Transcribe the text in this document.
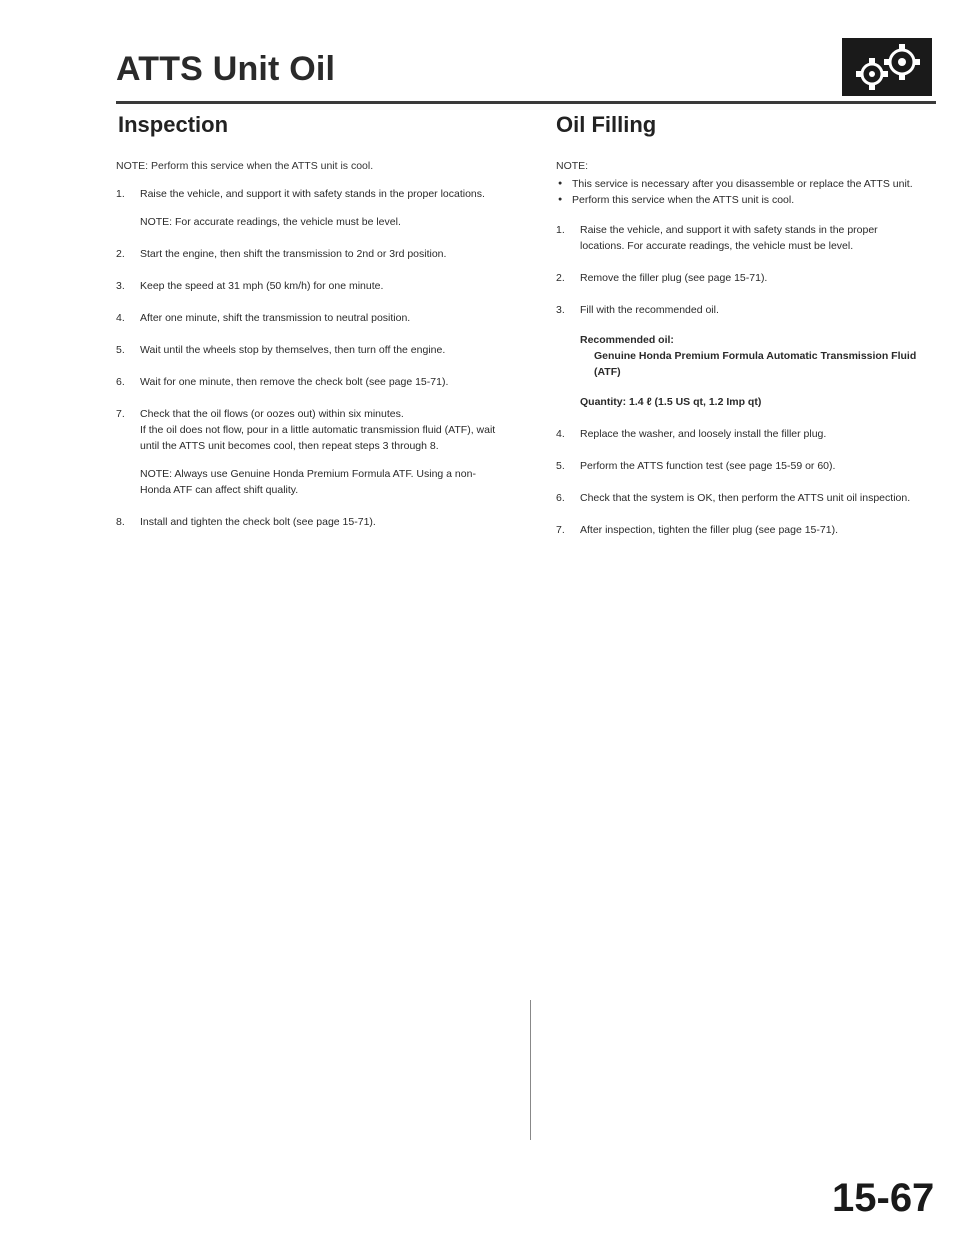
ATTS Unit Oil
Inspection

NOTE: Perform this service when the ATTS unit is cool.

1. Raise the vehicle, and support it with safety stands in the proper locations.
NOTE: For accurate readings, the vehicle must be level.
2. Start the engine, then shift the transmission to 2nd or 3rd position.
3. Keep the speed at 31 mph (50 km/h) for one minute.
4. After one minute, shift the transmission to neutral position.
5. Wait until the wheels stop by themselves, then turn off the engine.
6. Wait for one minute, then remove the check bolt (see page 15-71).
7. Check that the oil flows (or oozes out) within six minutes.
If the oil does not flow, pour in a little automatic transmission fluid (ATF), wait until the ATTS unit becomes cool, then repeat steps 3 through 8.
NOTE: Always use Genuine Honda Premium Formula ATF. Using a non-Honda ATF can affect shift quality.
8. Install and tighten the check bolt (see page 15-71).
Oil Filling

NOTE:

● This service is necessary after you disassemble or replace the ATTS unit.
● Perform this service when the ATTS unit is cool.
1. Raise the vehicle, and support it with safety stands in the proper locations. For accurate readings, the vehicle must be level.
2. Remove the filler plug (see page 15-71).
3. Fill with the recommended oil.
Recommended oil:
Genuine Honda Premium Formula Automatic Transmission Fluid (ATF)
Quantity: 1.4 ℓ (1.5 US qt, 1.2 Imp qt)
4. Replace the washer, and loosely install the filler plug.
5. Perform the ATTS function test (see page 15-59 or 60).
6. Check that the system is OK, then perform the ATTS unit oil inspection.
7. After inspection, tighten the filler plug (see page 15-71).
15-67
